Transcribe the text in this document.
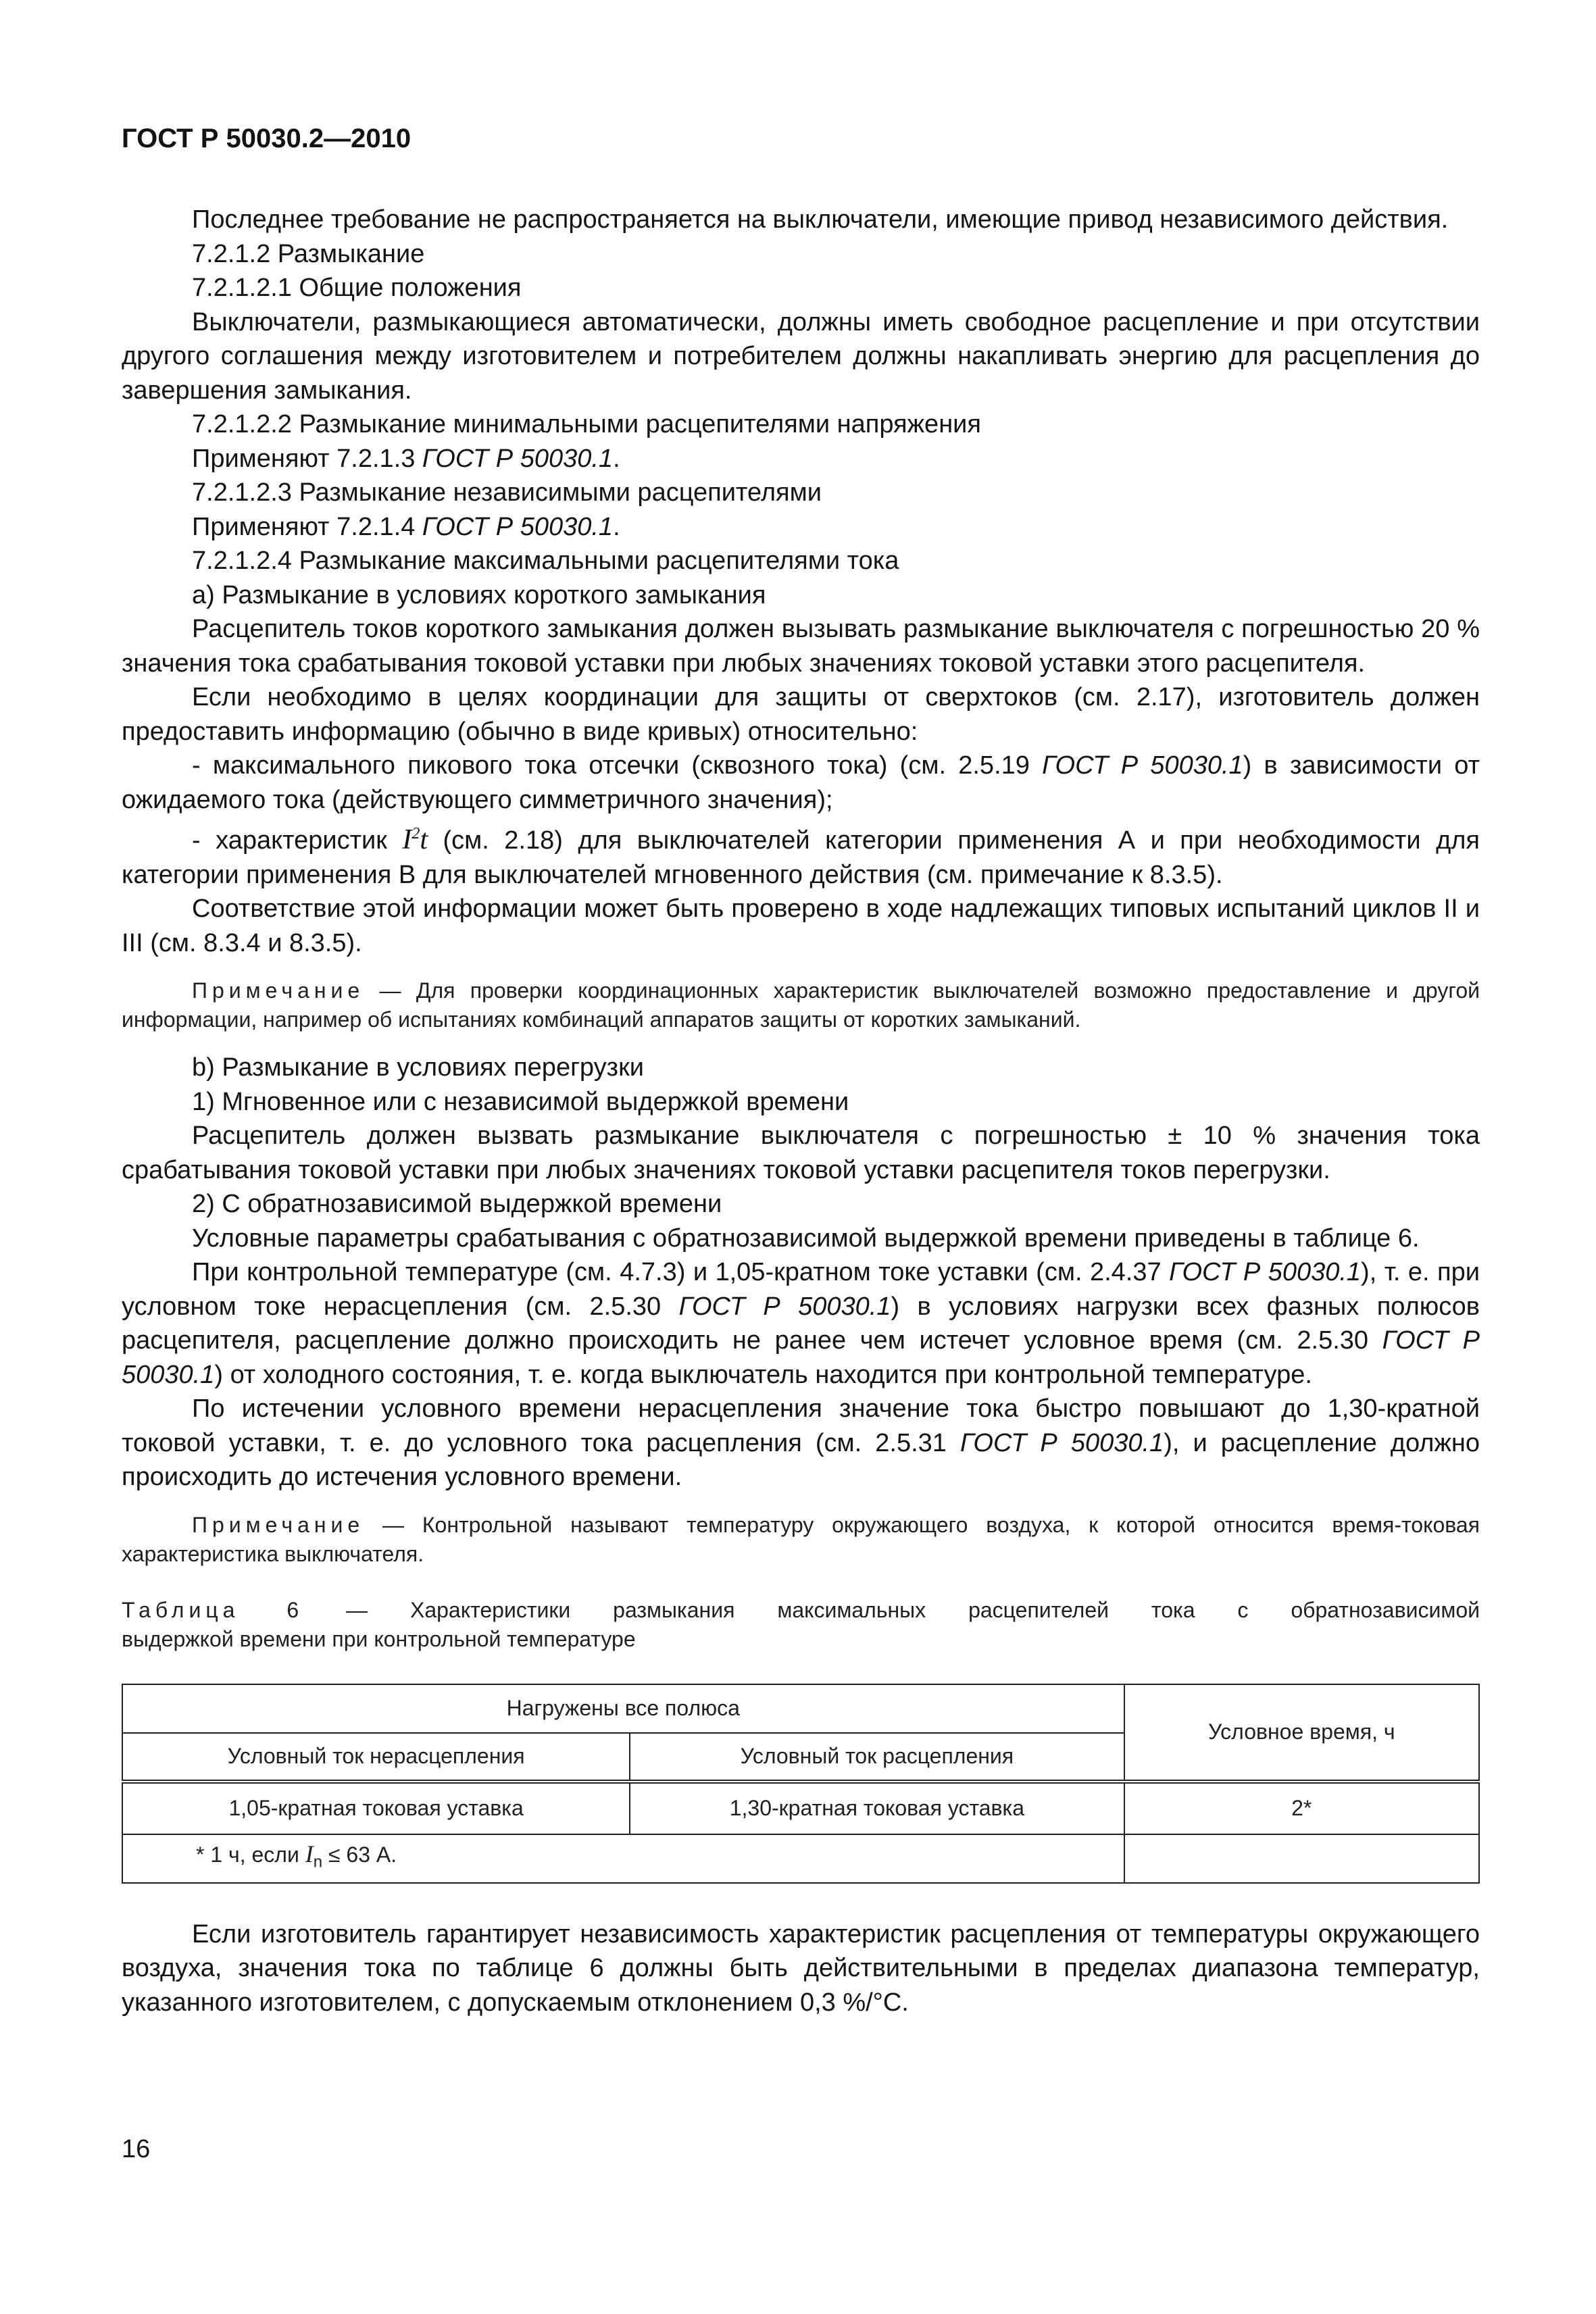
ГОСТ Р 50030.2—2010

Последнее требование не распространяется на выключатели, имеющие привод независимого действия.

7.2.1.2 Размыкание

7.2.1.2.1 Общие положения

Выключатели, размыкающиеся автоматически, должны иметь свободное расцепление и при отсутствии другого соглашения между изготовителем и потребителем должны накапливать энергию для расцепления до завершения замыкания.

7.2.1.2.2 Размыкание минимальными расцепителями напряжения

Применяют 7.2.1.3 ГОСТ Р 50030.1.

7.2.1.2.3 Размыкание независимыми расцепителями

Применяют 7.2.1.4 ГОСТ Р 50030.1.

7.2.1.2.4 Размыкание максимальными расцепителями тока

a) Размыкание в условиях короткого замыкания

Расцепитель токов короткого замыкания должен вызывать размыкание выключателя с погрешностью 20 % значения тока срабатывания токовой уставки при любых значениях токовой уставки этого расцепителя.

Если необходимо в целях координации для защиты от сверхтоков (см. 2.17), изготовитель должен предоставить информацию (обычно в виде кривых) относительно:

- максимального пикового тока отсечки (сквозного тока) (см. 2.5.19 ГОСТ Р 50030.1) в зависимости от ожидаемого тока (действующего симметричного значения);

- характеристик $I^2t$ (см. 2.18) для выключателей категории применения А и при необходимости для категории применения В для выключателей мгновенного действия (см. примечание к 8.3.5).

Соответствие этой информации может быть проверено в ходе надлежащих типовых испытаний циклов II и III (см. 8.3.4 и 8.3.5).

Примечание — Для проверки координационных характеристик выключателей возможно предоставление и другой информации, например об испытаниях комбинаций аппаратов защиты от коротких замыканий.

b) Размыкание в условиях перегрузки

1) Мгновенное или с независимой выдержкой времени

Расцепитель должен вызвать размыкание выключателя с погрешностью ± 10 % значения тока срабатывания токовой уставки при любых значениях токовой уставки расцепителя токов перегрузки.

2) С обратнозависимой выдержкой времени

Условные параметры срабатывания с обратнозависимой выдержкой времени приведены в таблице 6.

При контрольной температуре (см. 4.7.3) и 1,05-кратном токе уставки (см. 2.4.37 ГОСТ Р 50030.1), т. е. при условном токе нерасцепления (см. 2.5.30 ГОСТ Р 50030.1) в условиях нагрузки всех фазных полюсов расцепителя, расцепление должно происходить не ранее чем истечет условное время (см. 2.5.30 ГОСТ Р 50030.1) от холодного состояния, т. е. когда выключатель находится при контрольной температуре.

По истечении условного времени нерасцепления значение тока быстро повышают до 1,30-кратной токовой уставки, т. е. до условного тока расцепления (см. 2.5.31 ГОСТ Р 50030.1), и расцепление должно происходить до истечения условного времени.

Примечание — Контрольной называют температуру окружающего воздуха, к которой относится время-токовая характеристика выключателя.

Таблица 6 — Характеристики размыкания максимальных расцепителей тока с обратнозависимой

выдержкой времени при контрольной температуре

Нагружены все полюса		Условное время, ч
Условный ток нерасцепления	Условный ток расцепления	
1,05-кратная токовая уставка	1,30-кратная токовая уставка	2*
* 1 ч, если $I_n \le 63$ А.		

Если изготовитель гарантирует независимость характеристик расцепления от температуры окружающего воздуха, значения тока по таблице 6 должны быть действительными в пределах диапазона температур, указанного изготовителем, с допускаемым отклонением 0,3 %/°С.

16
